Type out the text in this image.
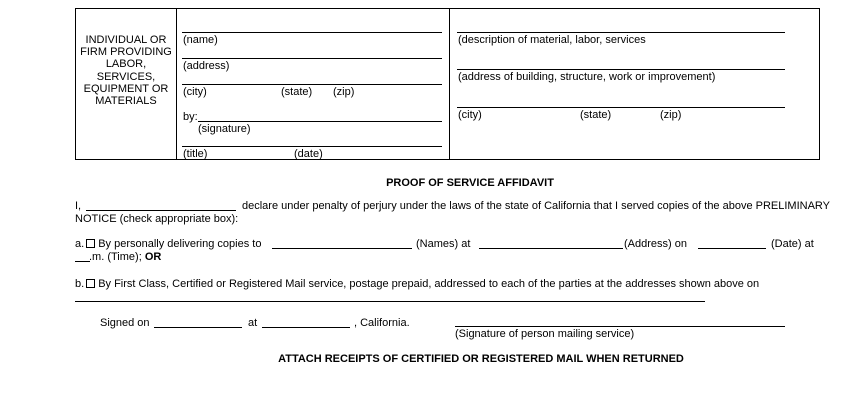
INDIVIDUAL OR FIRM PROVIDING LABOR, SERVICES, EQUIPMENT OR MATERIALS
(name)
(address)
(city)	(state) (zip)
by:
(signature)
(title)	(date)
(description of material, labor, services
(address of building, structure, work or improvement)
(city)	(state)	(zip)
PROOF OF SERVICE AFFIDAVIT
I,	declare under penalty of perjury under the laws of the state of California that I served copies of the above PRELIMINARY
NOTICE (check appropriate box):
a. By personally delivering copies to	(Names) at	(Address) on	(Date) at
.m. (Time); OR
b. By First Class, Certified or Registered Mail service, postage prepaid, addressed to each of the parties at the addresses shown above on
Signed on	at	, California.
(Signature of person mailing service)
ATTACH RECEIPTS OF CERTIFIED OR REGISTERED MAIL WHEN RETURNED
